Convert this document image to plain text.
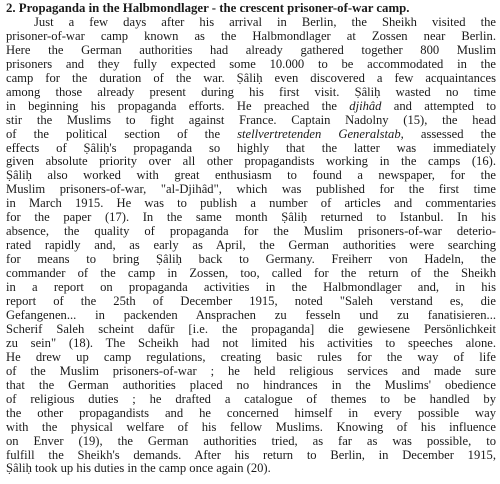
2. Propaganda in the Halbmondlager - the crescent prisoner-of-war camp.
Just a few days after his arrival in Berlin, the Sheikh visited the
prisoner-of-war camp known as the Halbmondlager at Zossen near Berlin.
Here the German authorities had already gathered together 800 Muslim
prisoners and they fully expected some 10.000 to be accommodated in the
camp for the duration of the war. Ṣâliḥ even discovered a few acquaintances
among those already present during his first visit. Ṣâliḥ wasted no time
in beginning his propaganda efforts. He preached the djihâd and attempted to
stir the Muslims to fight against France. Captain Nadolny (15), the head
of the political section of the stellvertretenden Generalstab, assessed the
effects of Ṣâliḥ's propaganda so highly that the latter was immediately
given absolute priority over all other propagandists working in the camps (16).
Ṣâliḥ also worked with great enthusiasm to found a newspaper, for the
Muslim prisoners-of-war, "al-Djihâd", which was published for the first time
in March 1915. He was to publish a number of articles and commentaries
for the paper (17). In the same month Ṣâliḥ returned to Istanbul. In his
absence, the quality of propaganda for the Muslim prisoners-of-war deterio-
rated rapidly and, as early as April, the German authorities were searching
for means to bring Ṣâliḥ back to Germany. Freiherr von Hadeln, the
commander of the camp in Zossen, too, called for the return of the Sheikh
in a report on propaganda activities in the Halbmondlager and, in his
report of the 25th of December 1915, noted "Saleh verstand es, die
Gefangenen... in packenden Ansprachen zu fesseln und zu fanatisieren...
Scherif Saleh scheint dafür [i.e. the propaganda] die gewiesene Persönlichkeit
zu sein" (18). The Scheikh had not limited his activities to speeches alone.
He drew up camp regulations, creating basic rules for the way of life
of the Muslim prisoners-of-war ; he held religious services and made sure
that the German authorities placed no hindrances in the Muslims' obedience
of religious duties ; he drafted a catalogue of themes to be handled by
the other propagandists and he concerned himself in every possible way
with the physical welfare of his fellow Muslims. Knowing of his influence
on Enver (19), the German authorities tried, as far as was possible, to
fulfill the Sheikh's demands. After his return to Berlin, in December 1915,
Ṣâliḥ took up his duties in the camp once again (20).
